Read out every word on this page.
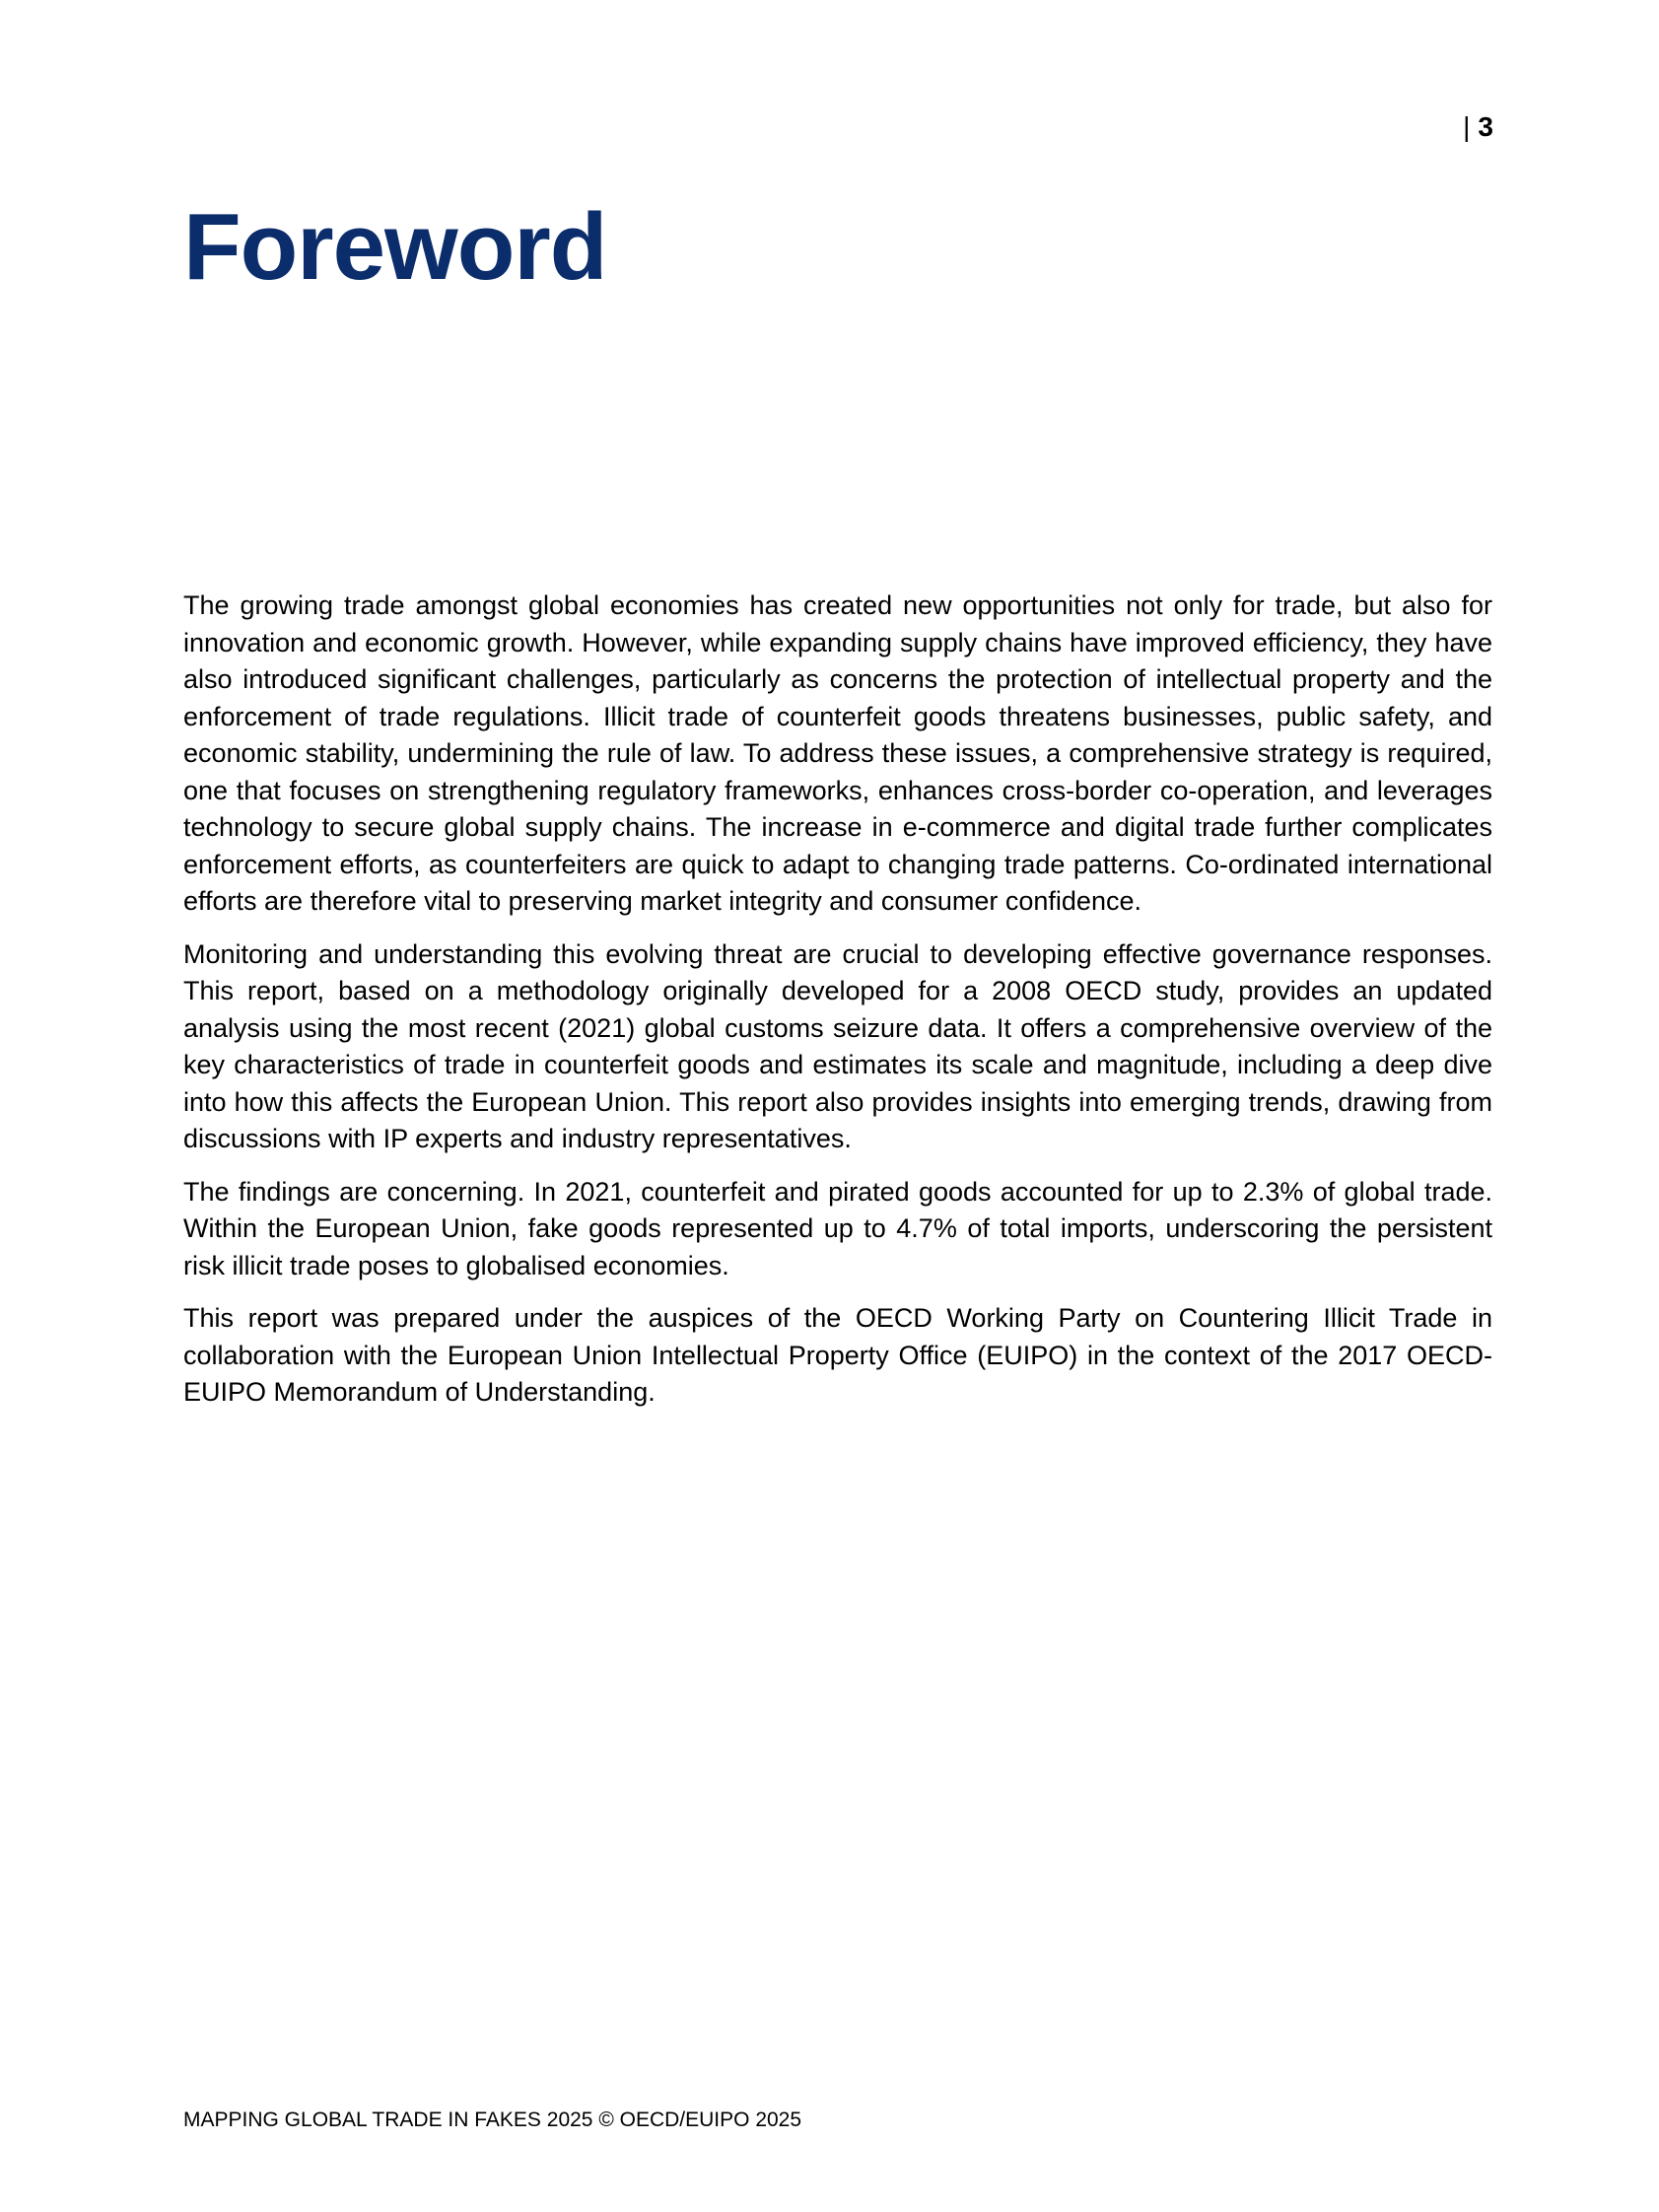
| 3
Foreword

The growing trade amongst global economies has created new opportunities not only for trade, but also for innovation and economic growth. However, while expanding supply chains have improved efficiency, they have also introduced significant challenges, particularly as concerns the protection of intellectual property and the enforcement of trade regulations. Illicit trade of counterfeit goods threatens businesses, public safety, and economic stability, undermining the rule of law. To address these issues, a comprehensive strategy is required, one that focuses on strengthening regulatory frameworks, enhances cross-border co-operation, and leverages technology to secure global supply chains. The increase in e-commerce and digital trade further complicates enforcement efforts, as counterfeiters are quick to adapt to changing trade patterns. Co-ordinated international efforts are therefore vital to preserving market integrity and consumer confidence.

Monitoring and understanding this evolving threat are crucial to developing effective governance responses. This report, based on a methodology originally developed for a 2008 OECD study, provides an updated analysis using the most recent (2021) global customs seizure data. It offers a comprehensive overview of the key characteristics of trade in counterfeit goods and estimates its scale and magnitude, including a deep dive into how this affects the European Union. This report also provides insights into emerging trends, drawing from discussions with IP experts and industry representatives.

The findings are concerning. In 2021, counterfeit and pirated goods accounted for up to 2.3% of global trade. Within the European Union, fake goods represented up to 4.7% of total imports, underscoring the persistent risk illicit trade poses to globalised economies.

This report was prepared under the auspices of the OECD Working Party on Countering Illicit Trade in collaboration with the European Union Intellectual Property Office (EUIPO) in the context of the 2017 OECD-EUIPO Memorandum of Understanding.

MAPPING GLOBAL TRADE IN FAKES 2025 © OECD/EUIPO 2025
